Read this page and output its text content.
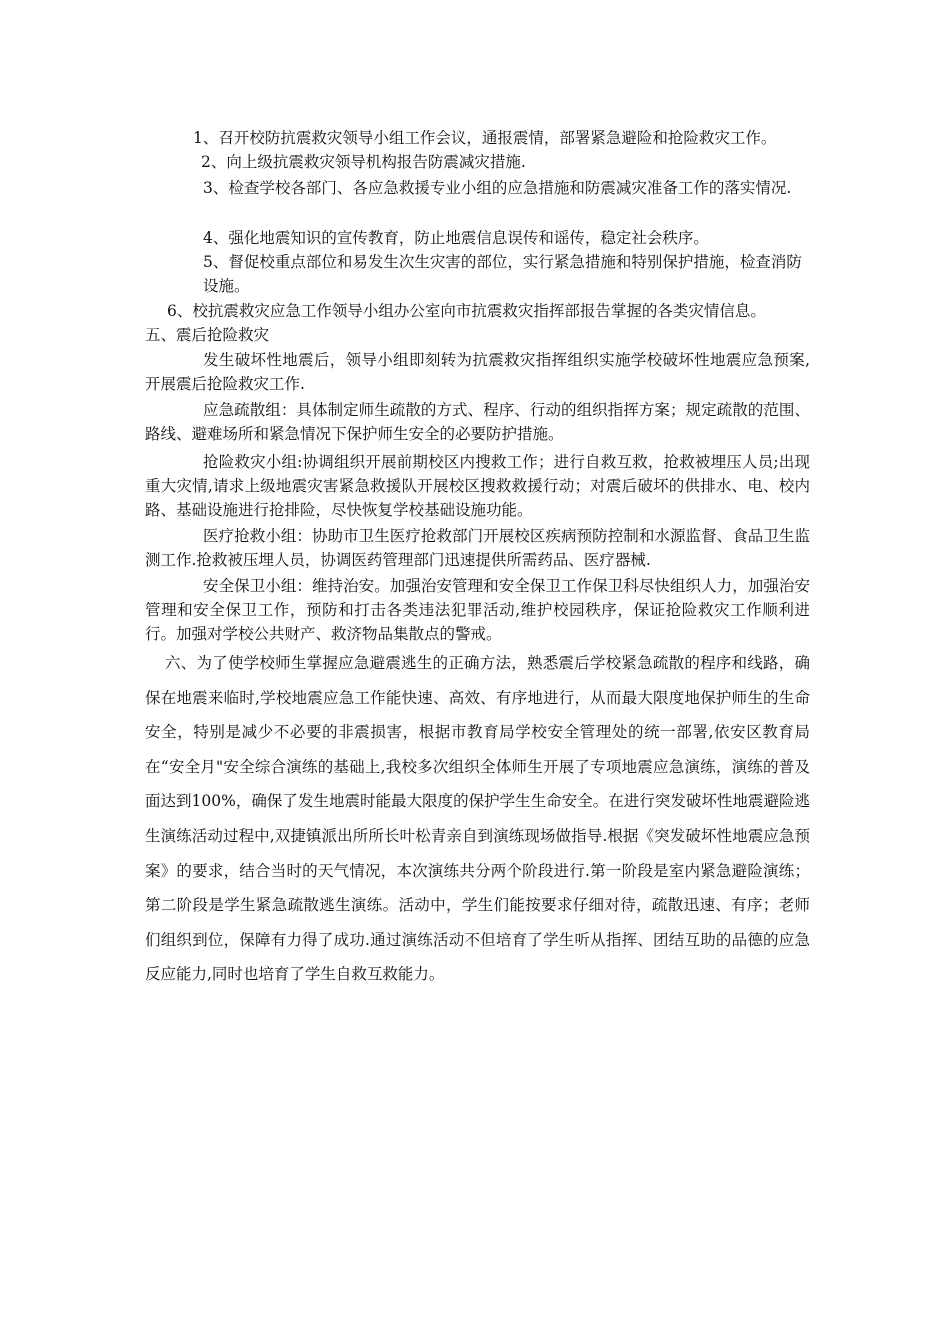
1、召开校防抗震救灾领导小组工作会议，通报震情，部署紧急避险和抢险救灾工作。

2、向上级抗震救灾领导机构报告防震减灾措施.

3、检查学校各部门、各应急救援专业小组的应急措施和防震减灾准备工作的落实情况.

4、强化地震知识的宣传教育，防止地震信息误传和谣传，稳定社会秩序。

5、督促校重点部位和易发生次生灾害的部位，实行紧急措施和特别保护措施，检查消防设施。

6、校抗震救灾应急工作领导小组办公室向市抗震救灾指挥部报告掌握的各类灾情信息。

五、震后抢险救灾

发生破坏性地震后，领导小组即刻转为抗震救灾指挥组织实施学校破坏性地震应急预案,开展震后抢险救灾工作.

应急疏散组：具体制定师生疏散的方式、程序、行动的组织指挥方案；规定疏散的范围、路线、避难场所和紧急情况下保护师生安全的必要防护措施。

抢险救灾小组:协调组织开展前期校区内搜救工作；进行自救互救，抢救被埋压人员;出现重大灾情,请求上级地震灾害紧急救援队开展校区搜救救援行动；对震后破坏的供排水、电、校内路、基础设施进行抢排险，尽快恢复学校基础设施功能。

医疗抢救小组：协助市卫生医疗抢救部门开展校区疾病预防控制和水源监督、食品卫生监测工作.抢救被压埋人员，协调医药管理部门迅速提供所需药品、医疗器械.

安全保卫小组：维持治安。加强治安管理和安全保卫工作保卫科尽快组织人力，加强治安管理和安全保卫工作，预防和打击各类违法犯罪活动,维护校园秩序，保证抢险救灾工作顺利进行。加强对学校公共财产、救济物品集散点的警戒。

六、为了使学校师生掌握应急避震逃生的正确方法，熟悉震后学校紧急疏散的程序和线路，确保在地震来临时,学校地震应急工作能快速、高效、有序地进行，从而最大限度地保护师生的生命安全，特别是减少不必要的非震损害，根据市教育局学校安全管理处的统一部署,依安区教育局在“安全月"安全综合演练的基础上,我校多次组织全体师生开展了专项地震应急演练，演练的普及面达到100%，确保了发生地震时能最大限度的保护学生生命安全。在进行突发破坏性地震避险逃生演练活动过程中,双捷镇派出所所长叶松青亲自到演练现场做指导.根据《突发破坏性地震应急预案》的要求，结合当时的天气情况，本次演练共分两个阶段进行.第一阶段是室内紧急避险演练；第二阶段是学生紧急疏散逃生演练。活动中，学生们能按要求仔细对待，疏散迅速、有序；老师们组织到位，保障有力得了成功.通过演练活动不但培育了学生听从指挥、团结互助的品德的应急反应能力,同时也培育了学生自救互救能力。
